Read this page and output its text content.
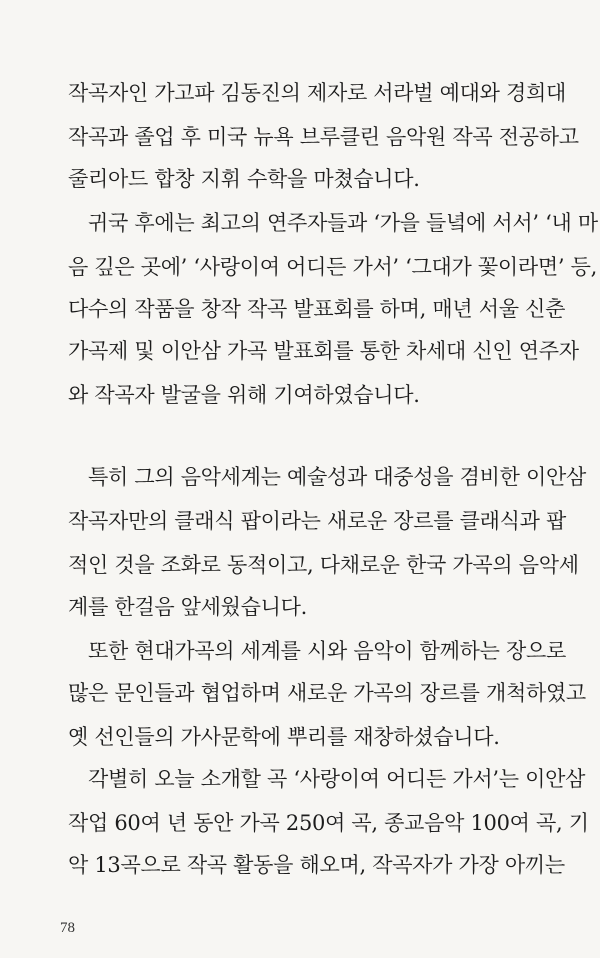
작곡자인 가고파 김동진의 제자로 서라벌 예대와 경희대
작곡과 졸업 후 미국 뉴욕 브루클린 음악원 작곡 전공하고
줄리아드 합창 지휘 수학을 마쳤습니다.
귀국 후에는 최고의 연주자들과 ‘가을 들녘에 서서’ ‘내 마
음 깊은 곳에’ ‘사랑이여 어디든 가서’ ‘그대가 꽃이라면’ 등,
다수의 작품을 창작 작곡 발표회를 하며, 매년 서울 신춘
가곡제 및 이안삼 가곡 발표회를 통한 차세대 신인 연주자
와 작곡자 발굴을 위해 기여하였습니다.
특히 그의 음악세계는 예술성과 대중성을 겸비한 이안삼
작곡자만의 클래식 팝이라는 새로운 장르를 클래식과 팝
적인 것을 조화로 동적이고, 다채로운 한국 가곡의 음악세
계를 한걸음 앞세웠습니다.
또한 현대가곡의 세계를 시와 음악이 함께하는 장으로
많은 문인들과 협업하며 새로운 가곡의 장르를 개척하였고
옛 선인들의 가사문학에 뿌리를 재창하셨습니다.
각별히 오늘 소개할 곡 ‘사랑이여 어디든 가서’는 이안삼
작업 60여 년 동안 가곡 250여 곡, 종교음악 100여 곡, 기
악 13곡으로 작곡 활동을 해오며, 작곡자가 가장 아끼는
78
